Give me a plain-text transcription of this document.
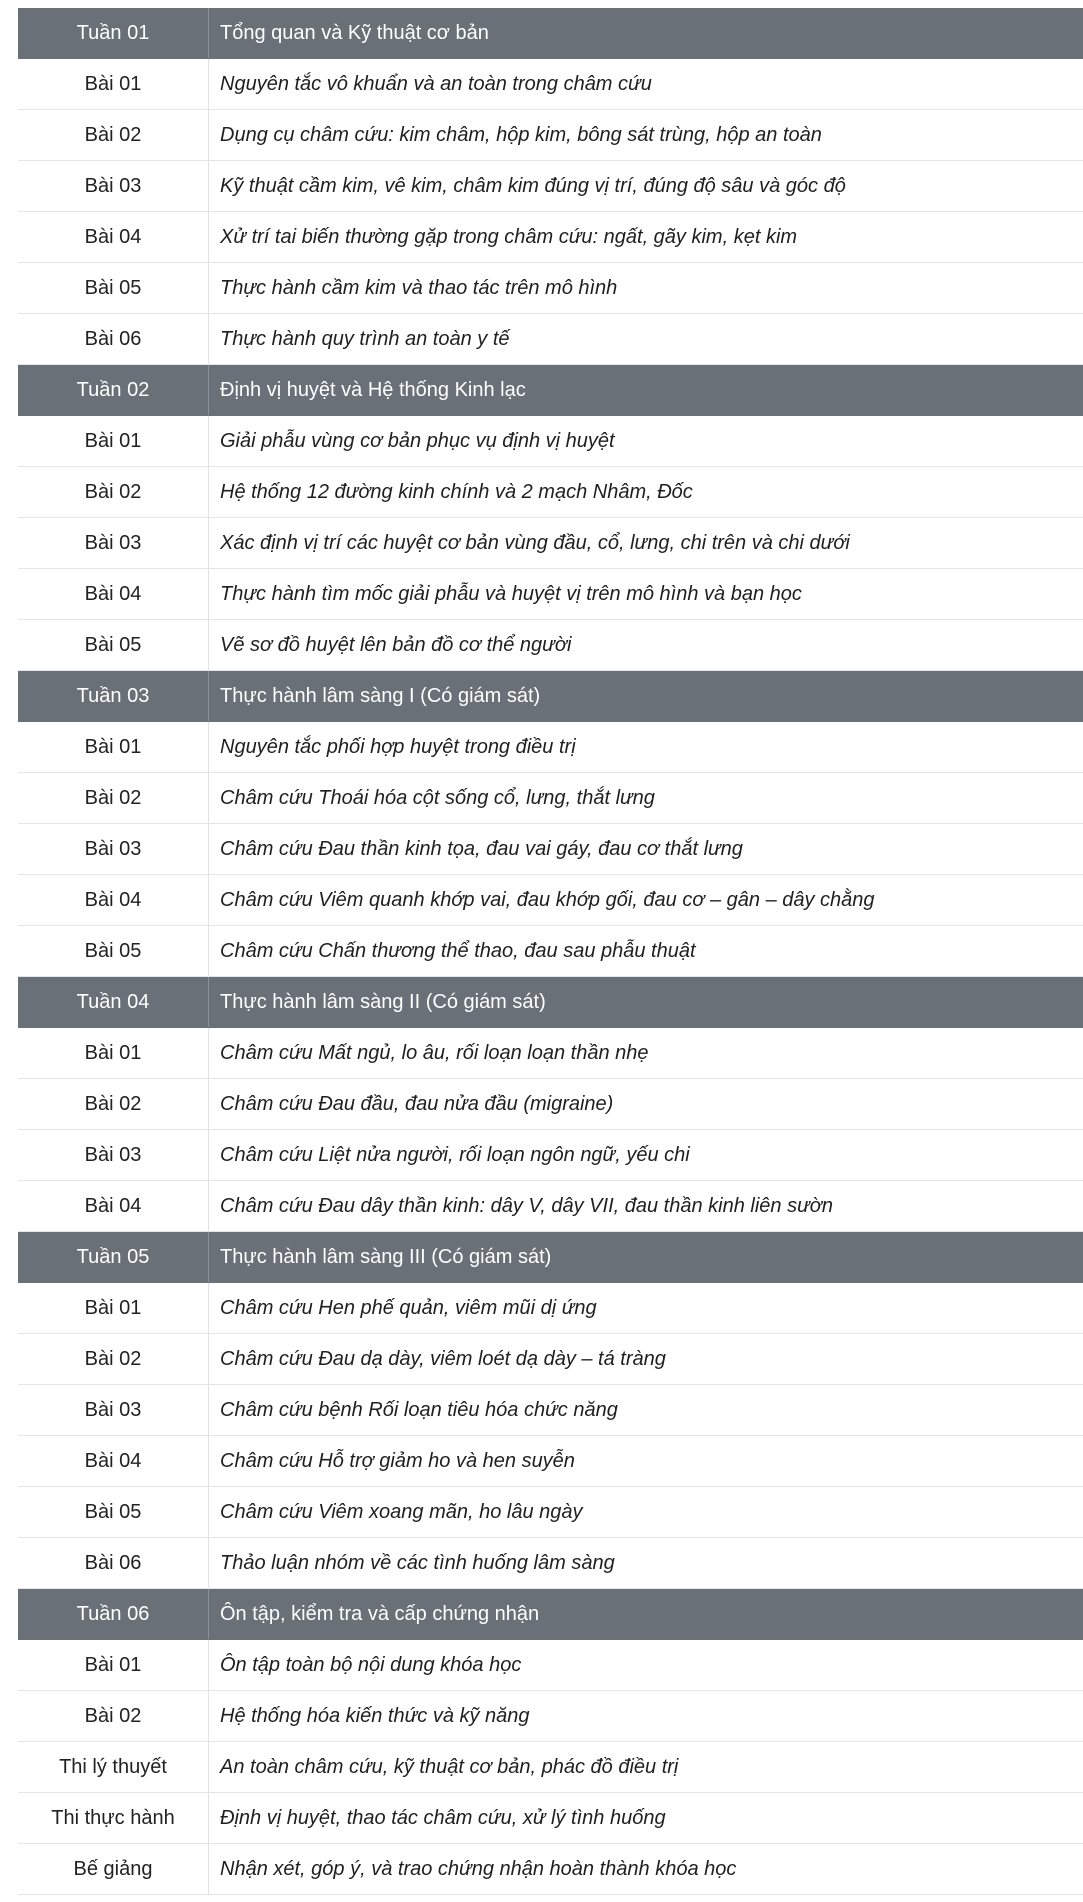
Tuần 01	Tổng quan và Kỹ thuật cơ bản
Bài 01	Nguyên tắc vô khuẩn và an toàn trong châm cứu
Bài 02	Dụng cụ châm cứu: kim châm, hộp kim, bông sát trùng, hộp an toàn
Bài 03	Kỹ thuật cầm kim, vê kim, châm kim đúng vị trí, đúng độ sâu và góc độ
Bài 04	Xử trí tai biến thường gặp trong châm cứu: ngất, gãy kim, kẹt kim
Bài 05	Thực hành cầm kim và thao tác trên mô hình
Bài 06	Thực hành quy trình an toàn y tế
Tuần 02	Định vị huyệt và Hệ thống Kinh lạc
Bài 01	Giải phẫu vùng cơ bản phục vụ định vị huyệt
Bài 02	Hệ thống 12 đường kinh chính và 2 mạch Nhâm, Đốc
Bài 03	Xác định vị trí các huyệt cơ bản vùng đầu, cổ, lưng, chi trên và chi dưới
Bài 04	Thực hành tìm mốc giải phẫu và huyệt vị trên mô hình và bạn học
Bài 05	Vẽ sơ đồ huyệt lên bản đồ cơ thể người
Tuần 03	Thực hành lâm sàng I (Có giám sát)
Bài 01	Nguyên tắc phối hợp huyệt trong điều trị
Bài 02	Châm cứu Thoái hóa cột sống cổ, lưng, thắt lưng
Bài 03	Châm cứu Đau thần kinh tọa, đau vai gáy, đau cơ thắt lưng
Bài 04	Châm cứu Viêm quanh khớp vai, đau khớp gối, đau cơ – gân – dây chằng
Bài 05	Châm cứu Chấn thương thể thao, đau sau phẫu thuật
Tuần 04	Thực hành lâm sàng II (Có giám sát)
Bài 01	Châm cứu Mất ngủ, lo âu, rối loạn loạn thần nhẹ
Bài 02	Châm cứu Đau đầu, đau nửa đầu (migraine)
Bài 03	Châm cứu Liệt nửa người, rối loạn ngôn ngữ, yếu chi
Bài 04	Châm cứu Đau dây thần kinh: dây V, dây VII, đau thần kinh liên sườn
Tuần 05	Thực hành lâm sàng III (Có giám sát)
Bài 01	Châm cứu Hen phế quản, viêm mũi dị ứng
Bài 02	Châm cứu Đau dạ dày, viêm loét dạ dày – tá tràng
Bài 03	Châm cứu bệnh Rối loạn tiêu hóa chức năng
Bài 04	Châm cứu Hỗ trợ giảm ho và hen suyễn
Bài 05	Châm cứu Viêm xoang mãn, ho lâu ngày
Bài 06	Thảo luận nhóm về các tình huống lâm sàng
Tuần 06	Ôn tập, kiểm tra và cấp chứng nhận
Bài 01	Ôn tập toàn bộ nội dung khóa học
Bài 02	Hệ thống hóa kiến thức và kỹ năng
Thi lý thuyết	An toàn châm cứu, kỹ thuật cơ bản, phác đồ điều trị
Thi thực hành	Định vị huyệt, thao tác châm cứu, xử lý tình huống
Bế giảng	Nhận xét, góp ý, và trao chứng nhận hoàn thành khóa học
